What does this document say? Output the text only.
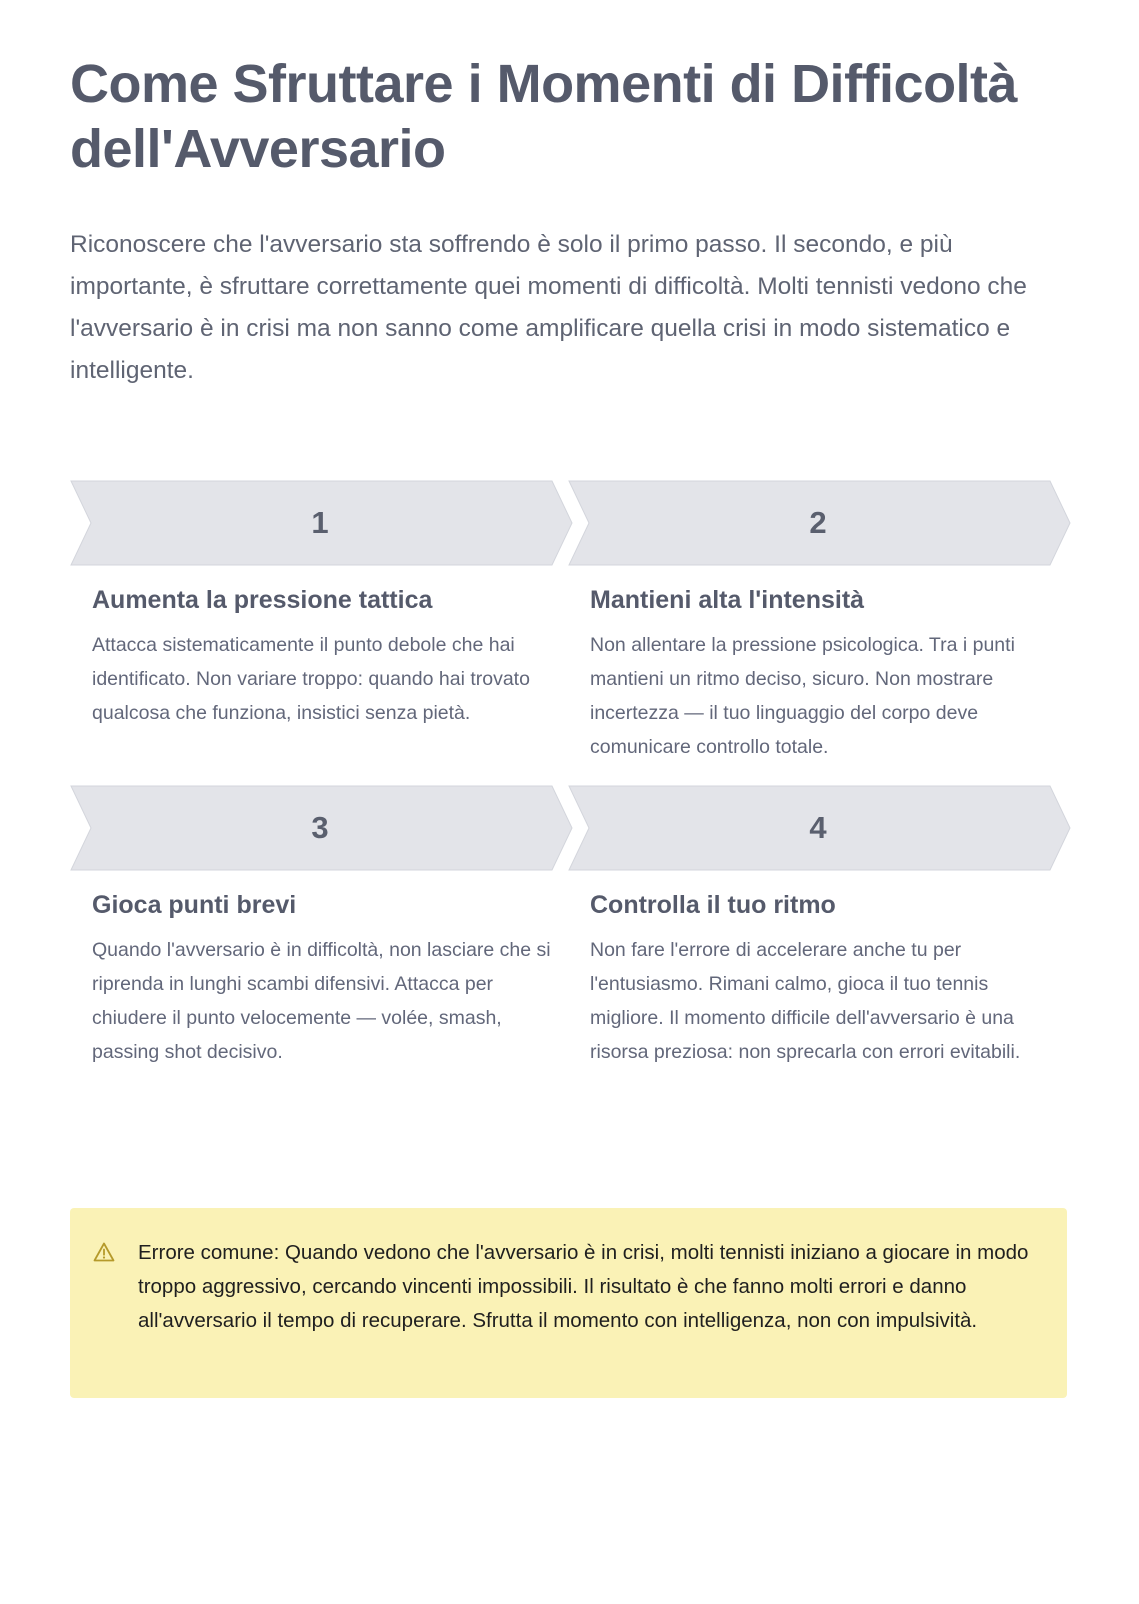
Come Sfruttare i Momenti di Difficoltà dell'Avversario

Riconoscere che l'avversario sta soffrendo è solo il primo passo. Il secondo, e più importante, è sfruttare correttamente quei momenti di difficoltà. Molti tennisti vedono che l'avversario è in crisi ma non sanno come amplificare quella crisi in modo sistematico e intelligente.

1
Aumenta la pressione tattica

Attacca sistematicamente il punto debole che hai identificato. Non variare troppo: quando hai trovato qualcosa che funziona, insistici senza pietà.

2
Mantieni alta l'intensità

Non allentare la pressione psicologica. Tra i punti mantieni un ritmo deciso, sicuro. Non mostrare incertezza — il tuo linguaggio del corpo deve comunicare controllo totale.

3
Gioca punti brevi

Quando l'avversario è in difficoltà, non lasciare che si riprenda in lunghi scambi difensivi. Attacca per chiudere il punto velocemente — volée, smash, passing shot decisivo.

4
Controlla il tuo ritmo

Non fare l'errore di accelerare anche tu per l'entusiasmo. Rimani calmo, gioca il tuo tennis migliore. Il momento difficile dell'avversario è una risorsa preziosa: non sprecarla con errori evitabili.

Errore comune: Quando vedono che l'avversario è in crisi, molti tennisti iniziano a giocare in modo troppo aggressivo, cercando vincenti impossibili. Il risultato è che fanno molti errori e danno all'avversario il tempo di recuperare. Sfrutta il momento con intelligenza, non con impulsività.
